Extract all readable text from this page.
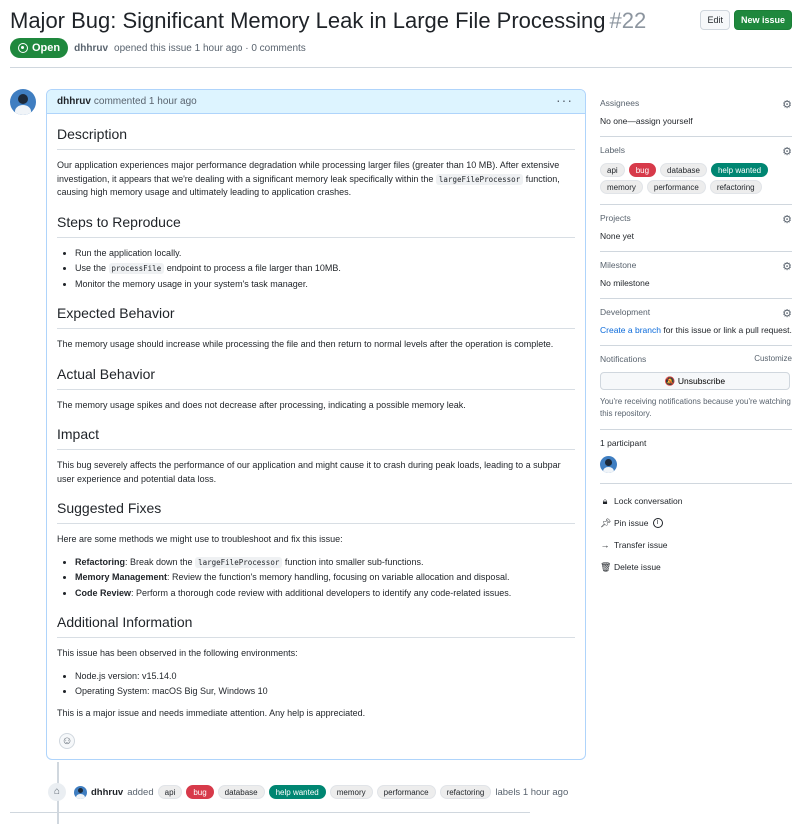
Major Bug: Significant Memory Leak in Large File Processing #22	Edit	New issue
Open dhhruv opened this issue 1 hour ago · 0 comments
dhhruv commented 1 hour ago	···
Description

Our application experiences major performance degradation while processing larger files (greater than 10 MB). After extensive investigation, it appears that we're dealing with a significant memory leak specifically within the largeFileProcessor function, causing high memory usage and ultimately leading to application crashes.

Steps to Reproduce
• Run the application locally.
• Use the processFile endpoint to process a file larger than 10MB.
• Monitor the memory usage in your system's task manager.
Expected Behavior

The memory usage should increase while processing the file and then return to normal levels after the operation is complete.

Actual Behavior

The memory usage spikes and does not decrease after processing, indicating a possible memory leak.

Impact

This bug severely affects the performance of our application and might cause it to crash during peak loads, leading to a subpar user experience and potential data loss.

Suggested Fixes

Here are some methods we might use to troubleshoot and fix this issue:

• Refactoring: Break down the largeFileProcessor function into smaller sub-functions.
• Memory Management: Review the function's memory handling, focusing on variable allocation and disposal.
• Code Review: Perform a thorough code review with additional developers to identify any code-related issues.
Additional Information

This issue has been observed in the following environments:

• Node.js version: v15.14.0
• Operating System: macOS Big Sur, Windows 10

This is a major issue and needs immediate attention. Any help is appreciated.

☺
⌂	dhhruv added	api	bug	database	help wanted	memory	performance	refactoring	labels 1 hour ago
Assignees	⚙
No one—assign yourself
Labels	⚙
api	bug	database	help wanted
memory	performance	refactoring
Projects	⚙
None yet
Milestone	⚙
No milestone
Development	⚙
Create a branch for this issue or link a pull request.
Notifications	Customize
🔕 Unsubscribe
You're receiving notifications because you're watching this repository.
1 participant
🔒︎ Lock conversation
📌︎ Pin issue	i
→ Transfer issue
🗑︎ Delete issue
